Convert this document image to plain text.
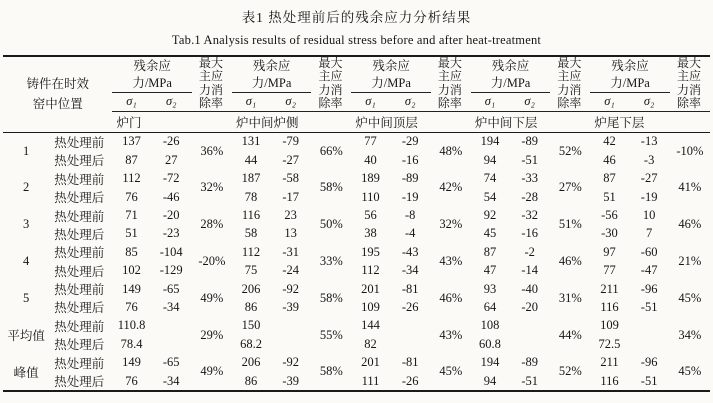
表1 热处理前后的残余应力分析结果
Tab.1 Analysis results of residual stress before and after heat-treatment
铸件在时效窑中位置		残余应力/MPa		最大主应力消除率	残余应力/MPa		最大主应力消除率	残余应力/MPa		最大主应力消除率	残余应力/MPa		最大主应力消除率	残余应力/MPa		最大主应力消除率

		σ₁	σ₂		σ₁	σ₂		σ₁	σ₂		σ₁	σ₂		σ₁	σ₂	
		炉门			炉中间炉侧			炉中间顶层			炉中间下层			炉尾下层		
1	热处理前	137	-26	36%	131	-79	66%	77	-29	48%	194	-89	52%	42	-13	-10%
	热处理后	87	27		44	-27		40	-16		94	-51		46	-3	
2	热处理前	112	-72	32%	187	-58	58%	189	-89	42%	74	-33	27%	87	-27	41%
	热处理后	76	-46		78	-17		110	-19		54	-28		51	-19	
3	热处理前	71	-20	28%	116	23	50%	56	-8	32%	92	-32	51%	-56	10	46%
	热处理后	51	-23		58	13		38	-4		45	-16		-30	7	
4	热处理前	85	-104	-20%	112	-31	33%	195	-43	43%	87	-2	46%	97	-60	21%
	热处理后	102	-129		75	-24		112	-34		47	-14		77	-47	
5	热处理前	149	-65	49%	206	-92	58%	201	-81	46%	93	-40	31%	211	-96	45%
	热处理后	76	-34		86	-39		109	-26		64	-20		116	-51	
平均值	热处理前	110.8		29%	150		55%	144		43%	108		44%	109		34%
	热处理后	78.4			68.2			82			60.8			72.5		
峰值	热处理前	149	-65	49%	206	-92	58%	201	-81	45%	194	-89	52%	211	-96	45%
	热处理后	76	-34		86	-39		111	-26		94	-51		116	-51	
